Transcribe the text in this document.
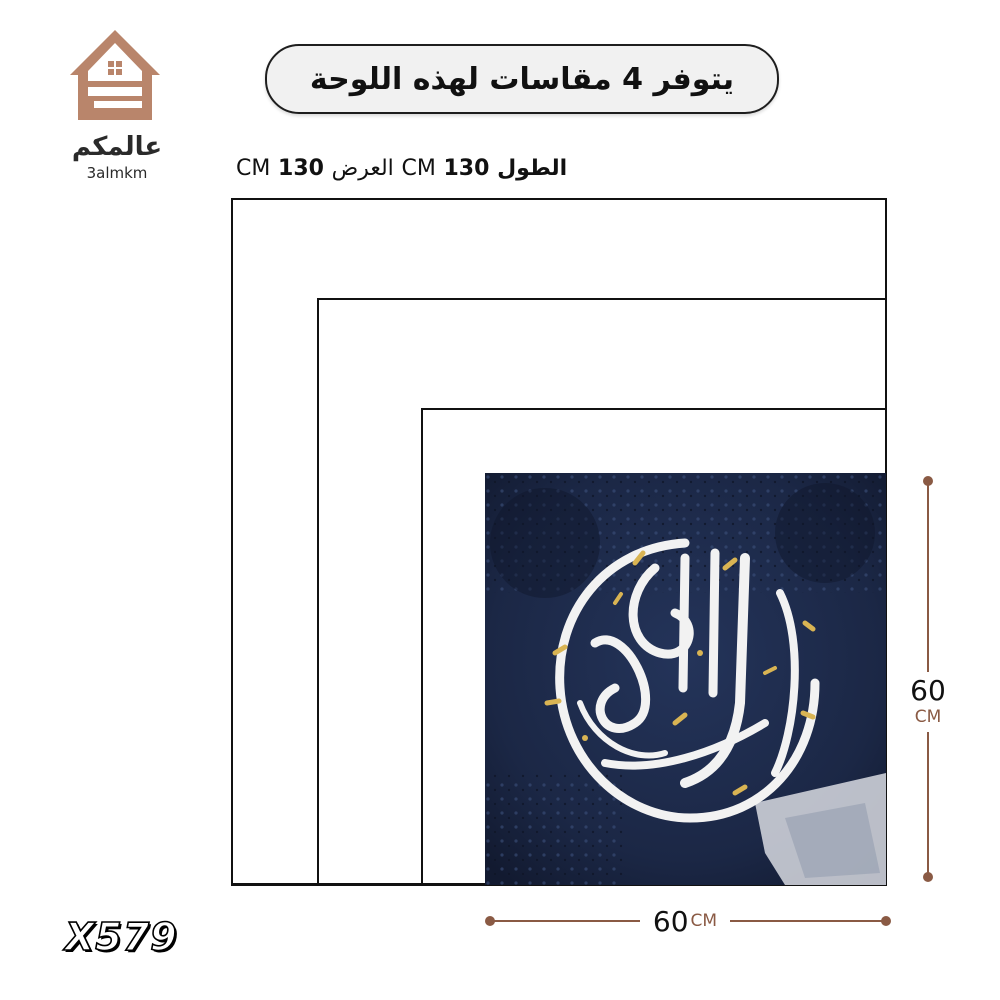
عالمكم
3almkm
يتوفر 4 مقاسات لهذه اللوحة
الطول 130 CM العرض CM 130
60
CM
60 CM
X579
